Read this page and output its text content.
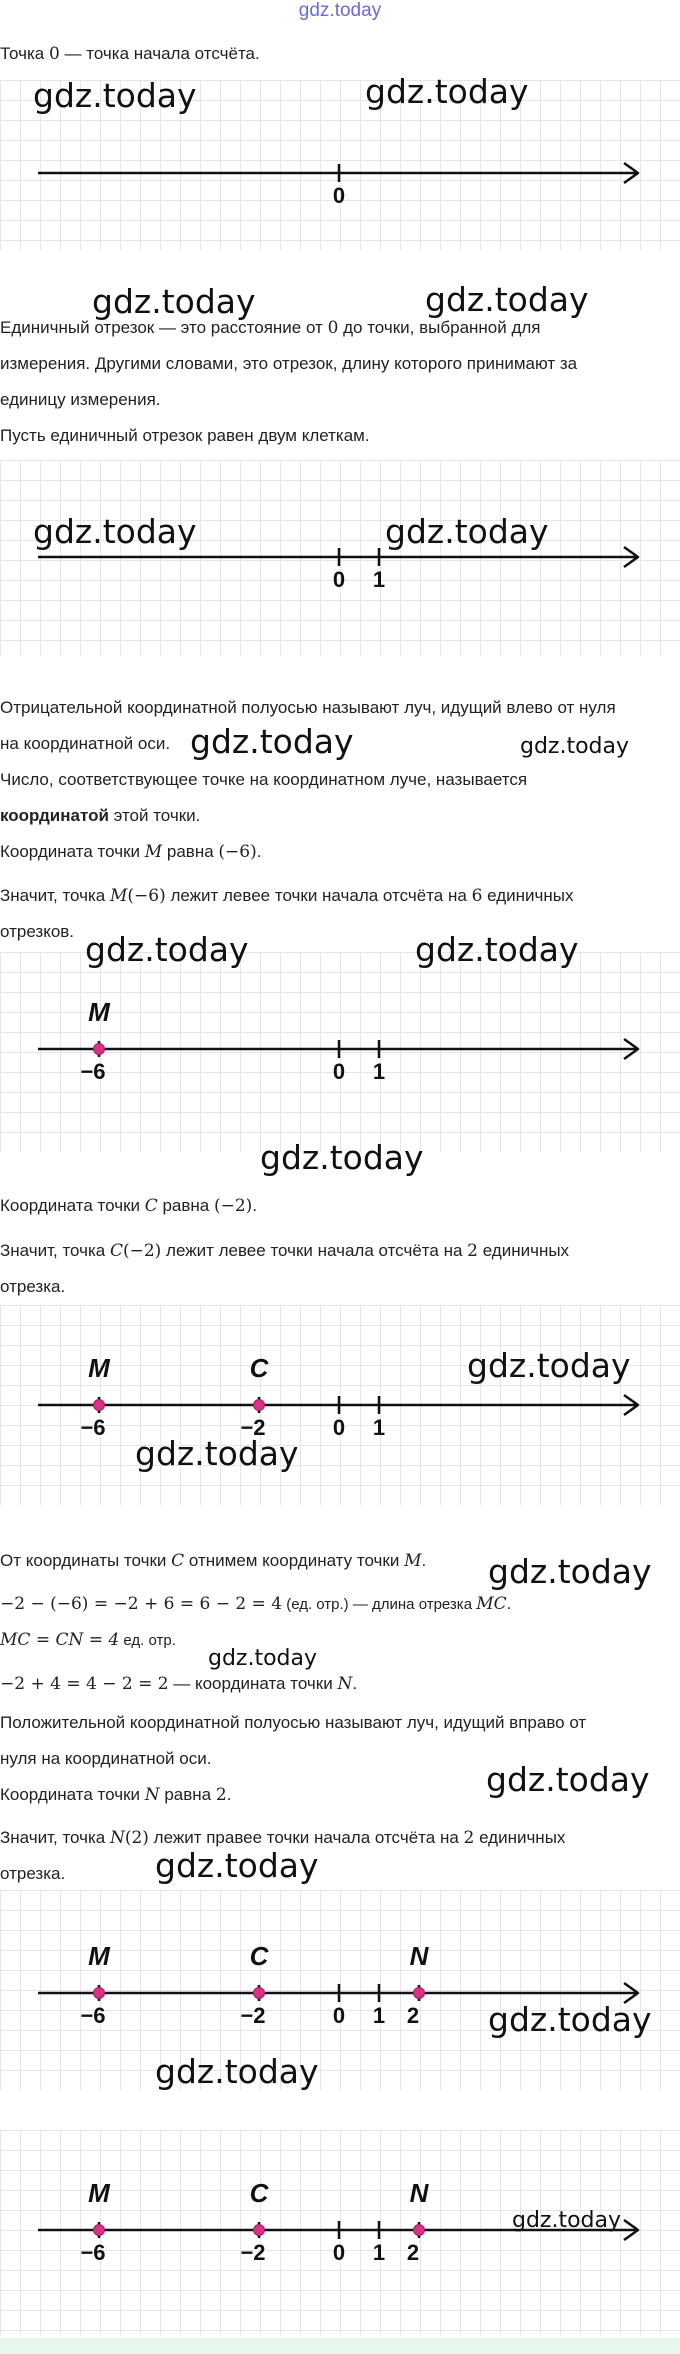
gdz.today
Точка 0 — точка начала отсчёта.
0
Единичный отрезок — это расстояние от 0 до точки, выбранной для
измерения. Другими словами, это отрезок, длину которого принимают за
единицу измерения.
Пусть единичный отрезок равен двум клеткам.
0 1
Отрицательной координатной полуосью называют луч, идущий влево от нуля
на координатной оси.
Число, соответствующее точке на координатном луче, называется
координатой этой точки.
Координата точки M равна (−6).
Значит, точка M(−6) лежит левее точки начала отсчёта на 6 единичных
отрезков.
0 1
M
−6
Координата точки C равна (−2).
Значит, точка C(−2) лежит левее точки начала отсчёта на 2 единичных
отрезка.
0 1
M
−6
C
−2
От координаты точки C отнимем координату точки M.
−2 − (−6) = −2 + 6 = 6 − 2 = 4 (ед. отр.) — длина отрезка MC.
MC = CN = 4 ед. отр.
−2 + 4 = 4 − 2 = 2 — координата точки N.
Положительной координатной полуосью называют луч, идущий вправо от
нуля на координатной оси.
Координата точки N равна 2.
Значит, точка N(2) лежит правее точки начала отсчёта на 2 единичных
отрезка.
0 1
M
−6
C
−2
N
2
0 1
M
−6
C
−2
N
2
gdz.today	gdz.today
gdz.today	gdz.today
gdz.today	gdz.today
gdz.today	gdz.today
gdz.today	gdz.today
gdz.today
gdz.today
gdz.today
gdz.today
gdz.today
gdz.today
gdz.today
gdz.today
gdz.today
gdz.today
